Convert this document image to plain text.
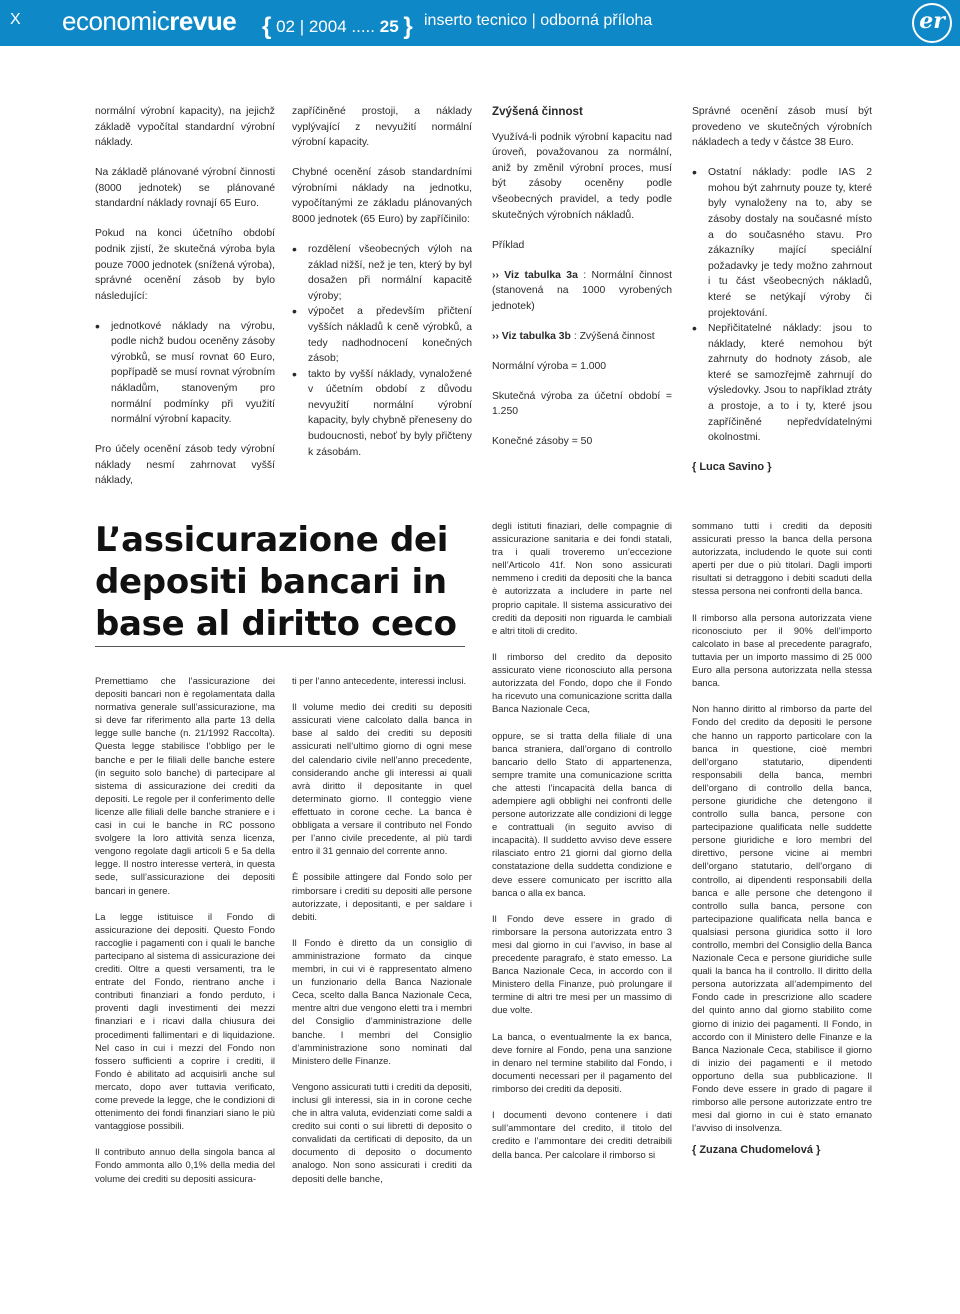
X economicrevue { 02 | 2004 ..... 25 } inserto tecnico | odborná příloha	er

normální výrobní kapacity), na jejichž základě vypočítal standardní výrobní náklady.

Na základě plánované výrobní činnosti (8000 jednotek) se plánované standardní náklady rovnají 65 Euro.

Pokud na konci účetního období podnik zjistí, že skutečná výroba byla pouze 7000 jednotek (snížená výroba), správné ocenění zásob by bylo následující:

• jednotkové náklady na výrobu, podle nichž budou oceněny zásoby výrobků, se musí rovnat 60 Euro, popřípadě se musí rovnat výrobním nákladům, stanoveným pro normální podmínky při využití normální výrobní kapacity.

Pro účely ocenění zásob tedy výrobní náklady nesmí zahrnovat vyšší náklady,

zapříčiněné prostoji, a náklady vyplývající z nevyužití normální výrobní kapacity.

Chybné ocenění zásob standardními výrobními náklady na jednotku, vypočítanými ze základu plánovaných 8000 jednotek (65 Euro) by zapříčinilo:

• rozdělení všeobecných výloh na základ nižší, než je ten, který by byl dosažen při normální kapacitě výroby;
• výpočet a především přičtení vyšších nákladů k ceně výrobků, a tedy nadhodnocení konečných zásob;
• takto by vyšší náklady, vynaložené v účetním období z důvodu nevyužití normální výrobní kapacity, byly chybně přeneseny do budoucnosti, neboť by byly přičteny k zásobám.
Zvýšená činnost

Využívá-li podnik výrobní kapacitu nad úroveň, považovanou za normální, aniž by změnil výrobní proces, musí být zásoby oceněny podle všeobecných pravidel, a tedy podle skutečných výrobních nákladů.

Příklad

›› Viz tabulka 3a : Normální činnost (stanovená na 1000 vyrobených jednotek)

›› Viz tabulka 3b : Zvýšená činnost

Normální výroba = 1.000

Skutečná výroba za účetní období = 1.250

Konečné zásoby = 50

Správné ocenění zásob musí být provedeno ve skutečných výrobních nákladech a tedy v částce 38 Euro.

• Ostatní náklady: podle IAS 2 mohou být zahrnuty pouze ty, které byly vynaloženy na to, aby se zásoby dostaly na současné místo a do současného stavu. Pro zákazníky mající speciální požadavky je tedy možno zahrnout i tu část všeobecných nákladů, které se netýkají výroby či projektování.
• Nepřičitatelné náklady: jsou to náklady, které nemohou být zahrnuty do hodnoty zásob, ale které se samozřejmě zahrnují do výsledovky. Jsou to například ztráty a prostoje, a to i ty, které jsou zapříčiněné nepředvídatelnými okolnostmi.

{ Luca Savino }

L’assicurazione dei depositi bancari in base al diritto ceco

Premettiamo che l’assicurazione dei depositi bancari non è regolamentata dalla normativa generale sull’assicurazione, ma si deve far riferimento alla parte 13 della legge sulle banche (n. 21/1992 Raccolta). Questa legge stabilisce l’obbligo per le banche e per le filiali delle banche estere (in seguito solo banche) di partecipare al sistema di assicurazione dei crediti da depositi. Le regole per il conferimento delle licenze alle filiali delle banche straniere e i casi in cui le banche in RC possono svolgere la loro attività senza licenza, vengono regolate dagli articoli 5 e 5a della legge. Il nostro interesse verterà, in questa sede, sull’assicurazione dei depositi bancari in genere.

La legge istituisce il Fondo di assicurazione dei depositi. Questo Fondo raccoglie i pagamenti con i quali le banche partecipano al sistema di assicurazione dei crediti. Oltre a questi versamenti, tra le entrate del Fondo, rientrano anche i contributi finanziari a fondo perduto, i proventi dagli investimenti dei mezzi finanziari e i ricavi dalla chiusura dei procedimenti fallimentari e di liquidazione. Nel caso in cui i mezzi del Fondo non fossero sufficienti a coprire i crediti, il Fondo è abilitato ad acquisirli anche sul mercato, dopo aver tuttavia verificato, come prevede la legge, che le condizioni di ottenimento dei fondi finanziari siano le più vantaggiose possibili.

Il contributo annuo della singola banca al Fondo ammonta allo 0,1% della media del volume dei crediti su depositi assicura-

ti per l’anno antecedente, interessi inclusi.

Il volume medio dei crediti su depositi assicurati viene calcolato dalla banca in base al saldo dei crediti su depositi assicurati nell’ultimo giorno di ogni mese del calendario civile nell’anno precedente, considerando anche gli interessi ai quali avrà diritto il depositante in quel determinato giorno. Il conteggio viene effettuato in corone ceche. La banca è obbligata a versare il contributo nel Fondo per l’anno civile precedente, al più tardi entro il 31 gennaio del corrente anno.

È possibile attingere dal Fondo solo per rimborsare i crediti su depositi alle persone autorizzate, i depositanti, e per saldare i debiti.

Il Fondo è diretto da un consiglio di amministrazione formato da cinque membri, in cui vi è rappresentato almeno un funzionario della Banca Nazionale Ceca, scelto dalla Banca Nazionale Ceca, mentre altri due vengono eletti tra i membri del Consiglio d’amministrazione delle banche. I membri del Consiglio d’amministrazione sono nominati dal Ministero delle Finanze.

Vengono assicurati tutti i crediti da depositi, inclusi gli interessi, sia in in corone ceche che in altra valuta, evidenziati come saldi a credito sui conti o sui libretti di deposito o convalidati da certificati di deposito, da un documento di deposito o documento analogo. Non sono assicurati i crediti da depositi delle banche,

degli istituti finaziari, delle compagnie di assicurazione sanitaria e dei fondi statali, tra i quali troveremo un’eccezione nell’Articolo 41f. Non sono assicurati nemmeno i crediti da depositi che la banca è autorizzata a includere in parte nel proprio capitale. Il sistema assicurativo dei crediti da depositi non riguarda le cambiali e altri titoli di credito.

Il rimborso del credito da deposito assicurato viene riconosciuto alla persona autorizzata del Fondo, dopo che il Fondo ha ricevuto una comunicazione scritta dalla Banca Nazionale Ceca,

oppure, se si tratta della filiale di una banca straniera, dall’organo di controllo bancario dello Stato di appartenenza, sempre tramite una comunicazione scritta che attesti l’incapacità della banca di adempiere agli obblighi nei confronti delle persone autorizzate alle condizioni di legge e contrattuali (in seguito avviso di incapacità). Il suddetto avviso deve essere rilasciato entro 21 giorni dal giorno della constatazione della suddetta condizione e deve essere comunicato per iscritto alla banca o alla ex banca.

Il Fondo deve essere in grado di rimborsare la persona autorizzata entro 3 mesi dal giorno in cui l’avviso, in base al precedente paragrafo, è stato emesso. La Banca Nazionale Ceca, in accordo con il Ministero della Finanze, può prolungare il termine di altri tre mesi per un massimo di due volte.

La banca, o eventualmente la ex banca, deve fornire al Fondo, pena una sanzione in denaro nel termine stabilito dal Fondo, i documenti necessari per il pagamento del rimborso dei crediti da depositi.

I documenti devono contenere i dati sull’ammontare del credito, il titolo del credito e l’ammontare dei crediti detraibili della banca. Per calcolare il rimborso si

sommano tutti i crediti da depositi assicurati presso la banca della persona autorizzata, includendo le quote sui conti aperti per due o più titolari. Dagli importi risultati si detraggono i debiti scaduti della stessa persona nei confronti della banca.

Il rimborso alla persona autorizzata viene riconosciuto per il 90% dell’importo calcolato in base al precedente paragrafo, tuttavia per un importo massimo di 25 000 Euro alla persona autorizzata nella stessa banca.

Non hanno diritto al rimborso da parte del Fondo del credito da depositi le persone che hanno un rapporto particolare con la banca in questione, cioè membri dell’organo statutario, dipendenti responsabili della banca, membri dell’organo di controllo della banca, persone giuridiche che detengono il controllo sulla banca, persone con partecipazione qualificata nelle suddette persone giuridiche e loro membri del direttivo, persone vicine ai membri dell’organo statutario, dell’organo di controllo, ai dipendenti responsabili della banca e alle persone che detengono il controllo sulla banca, persone con partecipazione qualificata nella banca e qualsiasi persona giuridica sotto il loro controllo, membri del Consiglio della Banca Nazionale Ceca e persone giuridiche sulle quali la banca ha il controllo. Il diritto della persona autorizzata all’adempimento del Fondo cade in prescrizione allo scadere del quinto anno dal giorno stabilito come giorno di inizio dei pagamenti. Il Fondo, in accordo con il Ministero delle Finanze e la Banca Nazionale Ceca, stabilisce il giorno di inizio dei pagamenti e il metodo opportuno della sua pubblicazione. Il Fondo deve essere in grado di pagare il rimborso alle persone autorizzate entro tre mesi dal giorno in cui è stato emanato l’avviso di insolvenza.

{ Zuzana Chudomelová }
